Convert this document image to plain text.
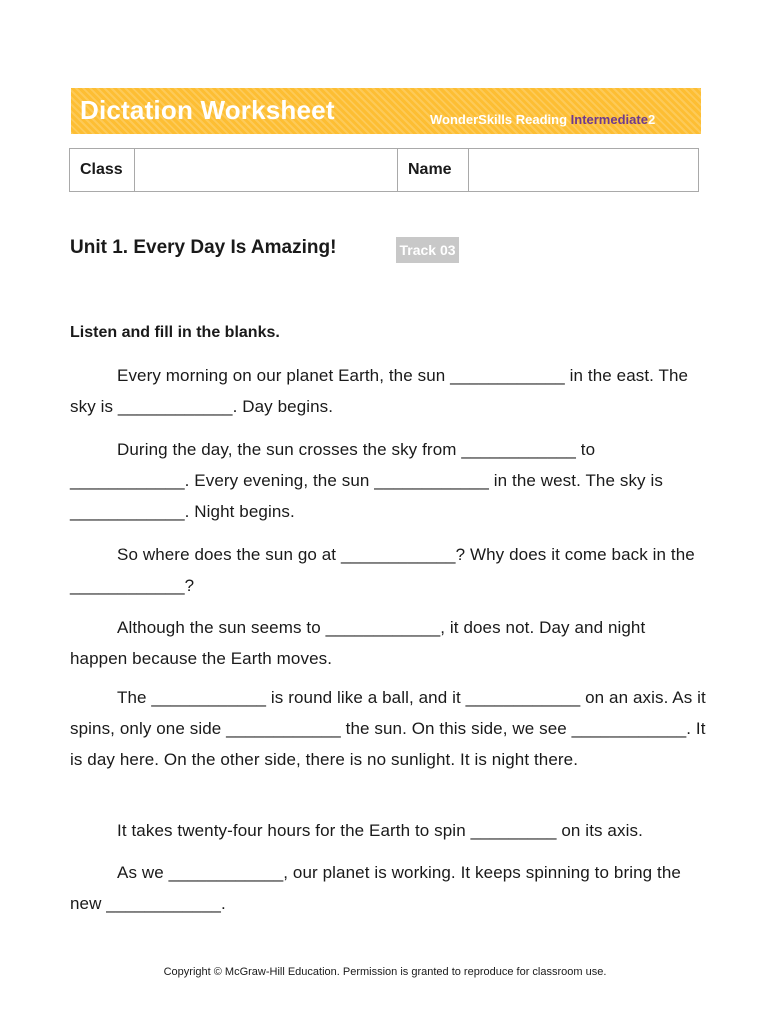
Dictation Worksheet	WonderSkills Reading Intermediate2
Class		Name	
Unit 1. Every Day Is Amazing!	Track 03
Listen and fill in the blanks.
Every morning on our planet Earth, the sun ____________ in the east. The sky is ____________. Day begins.
During the day, the sun crosses the sky from ____________ to ____________. Every evening, the sun ____________ in the west. The sky is ____________. Night begins.
So where does the sun go at ____________? Why does it come back in the ____________?
Although the sun seems to ____________, it does not. Day and night happen because the Earth moves.
The ____________ is round like a ball, and it ____________ on an axis. As it spins, only one side ____________ the sun. On this side, we see ____________. It is day here. On the other side, there is no sunlight. It is night there.
It takes twenty-four hours for the Earth to spin _________ on its axis.
As we ____________, our planet is working. It keeps spinning to bring the new ____________.
Copyright © McGraw-Hill Education. Permission is granted to reproduce for classroom use.
